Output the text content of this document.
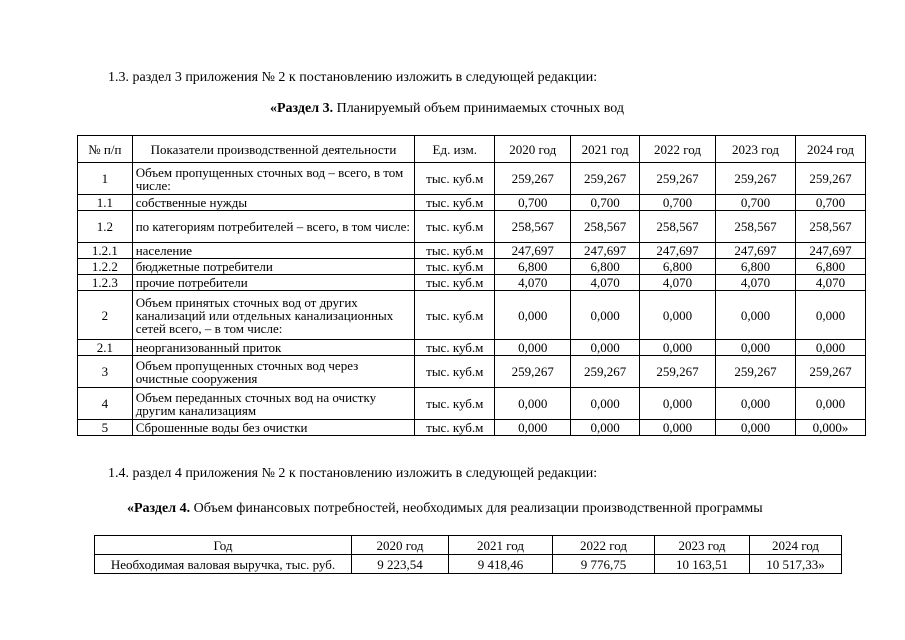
1.3. раздел 3 приложения № 2 к постановлению изложить в следующей редакции:
«Раздел 3. Планируемый объем принимаемых сточных вод
№ п/п	Показатели производственной деятельности	Ед. изм.	2020 год	2021 год	2022 год	2023 год	2024 год
1	Объем пропущенных сточных вод – всего, в том числе:	тыс. куб.м	259,267	259,267	259,267	259,267	259,267
1.1	собственные нужды	тыс. куб.м	0,700	0,700	0,700	0,700	0,700
1.2	по категориям потребителей – всего, в том числе:	тыс. куб.м	258,567	258,567	258,567	258,567	258,567
1.2.1	население	тыс. куб.м	247,697	247,697	247,697	247,697	247,697
1.2.2	бюджетные потребители	тыс. куб.м	6,800	6,800	6,800	6,800	6,800
1.2.3	прочие потребители	тыс. куб.м	4,070	4,070	4,070	4,070	4,070
2	Объем принятых сточных вод от других канализаций или отдельных канализационных сетей всего, – в том числе:	тыс. куб.м	0,000	0,000	0,000	0,000	0,000
2.1	неорганизованный приток	тыс. куб.м	0,000	0,000	0,000	0,000	0,000
3	Объем пропущенных сточных вод через очистные сооружения	тыс. куб.м	259,267	259,267	259,267	259,267	259,267
4	Объем переданных сточных вод на очистку другим канализациям	тыс. куб.м	0,000	0,000	0,000	0,000	0,000
5	Сброшенные воды без очистки	тыс. куб.м	0,000	0,000	0,000	0,000	0,000»
1.4. раздел 4 приложения № 2 к постановлению изложить в следующей редакции:
«Раздел 4. Объем финансовых потребностей, необходимых для реализации производственной программы
Год	2020 год	2021 год	2022 год	2023 год	2024 год
Необходимая валовая выручка, тыс. руб.	9 223,54	9 418,46	9 776,75	10 163,51	10 517,33»
